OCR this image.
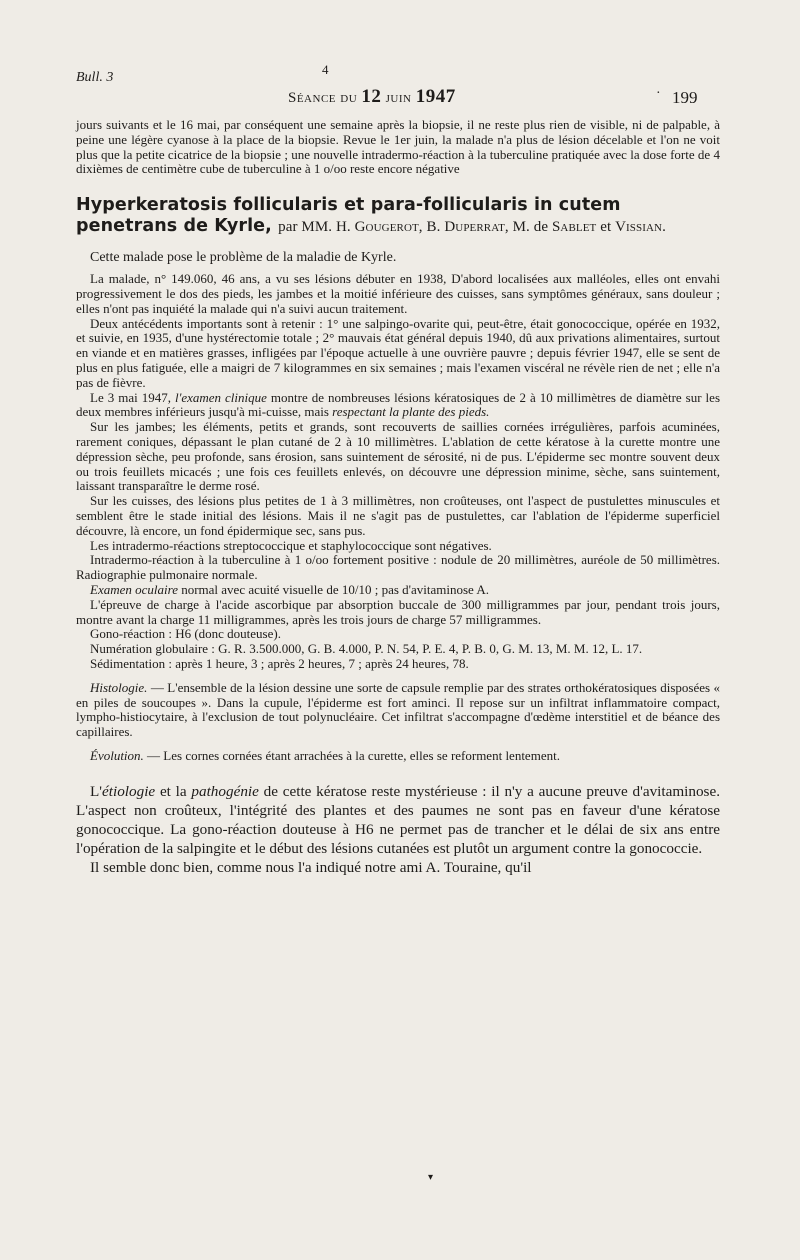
Bull. 3
4
Séance du 12 juin 1947	· 199

jours suivants et le 16 mai, par conséquent une semaine après la biopsie, il ne reste plus rien de visible, ni de palpable, à peine une légère cyanose à la place de la biopsie. Revue le 1er juin, la malade n'a plus de lésion décelable et l'on ne voit plus que la petite cicatrice de la biopsie ; une nouvelle intradermo-réaction à la tuberculine pratiquée avec la dose forte de 4 dixièmes de centimètre cube de tuberculine à 1 o/oo reste encore négative

Hyperkeratosis follicularis et para-follicularis in cutem penetrans de Kyrle, par MM. H. Gougerot, B. Duperrat, M. de Sablet et Vissian.

Cette malade pose le problème de la maladie de Kyrle.

La malade, n° 149.060, 46 ans, a vu ses lésions débuter en 1938, D'abord localisées aux malléoles, elles ont envahi progressivement le dos des pieds, les jambes et la moitié inférieure des cuisses, sans symptômes généraux, sans douleur ; elles n'ont pas inquiété la malade qui n'a suivi aucun traitement.

Deux antécédents importants sont à retenir : 1° une salpingo-ovarite qui, peut-être, était gonococcique, opérée en 1932, et suivie, en 1935, d'une hystérectomie totale ; 2° mauvais état général depuis 1940, dû aux privations alimentaires, surtout en viande et en matières grasses, infligées par l'époque actuelle à une ouvrière pauvre ; depuis février 1947, elle se sent de plus en plus fatiguée, elle a maigri de 7 kilogrammes en six semaines ; mais l'examen viscéral ne révèle rien de net ; elle n'a pas de fièvre.

Le 3 mai 1947, l'examen clinique montre de nombreuses lésions kératosiques de 2 à 10 millimètres de diamètre sur les deux membres inférieurs jusqu'à mi-cuisse, mais respectant la plante des pieds.

Sur les jambes; les éléments, petits et grands, sont recouverts de saillies cornées irrégulières, parfois acuminées, rarement coniques, dépassant le plan cutané de 2 à 10 millimètres. L'ablation de cette kératose à la curette montre une dépression sèche, peu profonde, sans érosion, sans suintement de sérosité, ni de pus. L'épiderme sec montre souvent deux ou trois feuillets micacés ; une fois ces feuillets enlevés, on découvre une dépression minime, sèche, sans suintement, laissant transparaître le derme rosé.

Sur les cuisses, des lésions plus petites de 1 à 3 millimètres, non croûteuses, ont l'aspect de pustulettes minuscules et semblent être le stade initial des lésions. Mais il ne s'agit pas de pustulettes, car l'ablation de l'épiderme superficiel découvre, là encore, un fond épidermique sec, sans pus.

Les intradermo-réactions streptococcique et staphylococcique sont négatives.

Intradermo-réaction à la tuberculine à 1 o/oo fortement positive : nodule de 20 millimètres, auréole de 50 millimètres. Radiographie pulmonaire normale.

Examen oculaire normal avec acuité visuelle de 10/10 ; pas d'avitaminose A.

L'épreuve de charge à l'acide ascorbique par absorption buccale de 300 milligrammes par jour, pendant trois jours, montre avant la charge 11 milligrammes, après les trois jours de charge 57 milligrammes.

Gono-réaction : H6 (donc douteuse).

Numération globulaire : G. R. 3.500.000, G. B. 4.000, P. N. 54, P. E. 4, P. B. 0, G. M. 13, M. M. 12, L. 17.

Sédimentation : après 1 heure, 3 ; après 2 heures, 7 ; après 24 heures, 78.

Histologie. — L'ensemble de la lésion dessine une sorte de capsule remplie par des strates orthokératosiques disposées « en piles de soucoupes ». Dans la cupule, l'épiderme est fort aminci. Il repose sur un infiltrat inflammatoire compact, lympho-histiocytaire, à l'exclusion de tout polynucléaire. Cet infiltrat s'accompagne d'œdème interstitiel et de béance des capillaires.

Évolution. — Les cornes cornées étant arrachées à la curette, elles se reforment lentement.

L'étiologie et la pathogénie de cette kératose reste mystérieuse : il n'y a aucune preuve d'avitaminose. L'aspect non croûteux, l'intégrité des plantes et des paumes ne sont pas en faveur d'une kératose gonococcique. La gono-réaction douteuse à H6 ne permet pas de trancher et le délai de six ans entre l'opération de la salpingite et le début des lésions cutanées est plutôt un argument contre la gonococcie.

Il semble donc bien, comme nous l'a indiqué notre ami A. Touraine, qu'il

▾
